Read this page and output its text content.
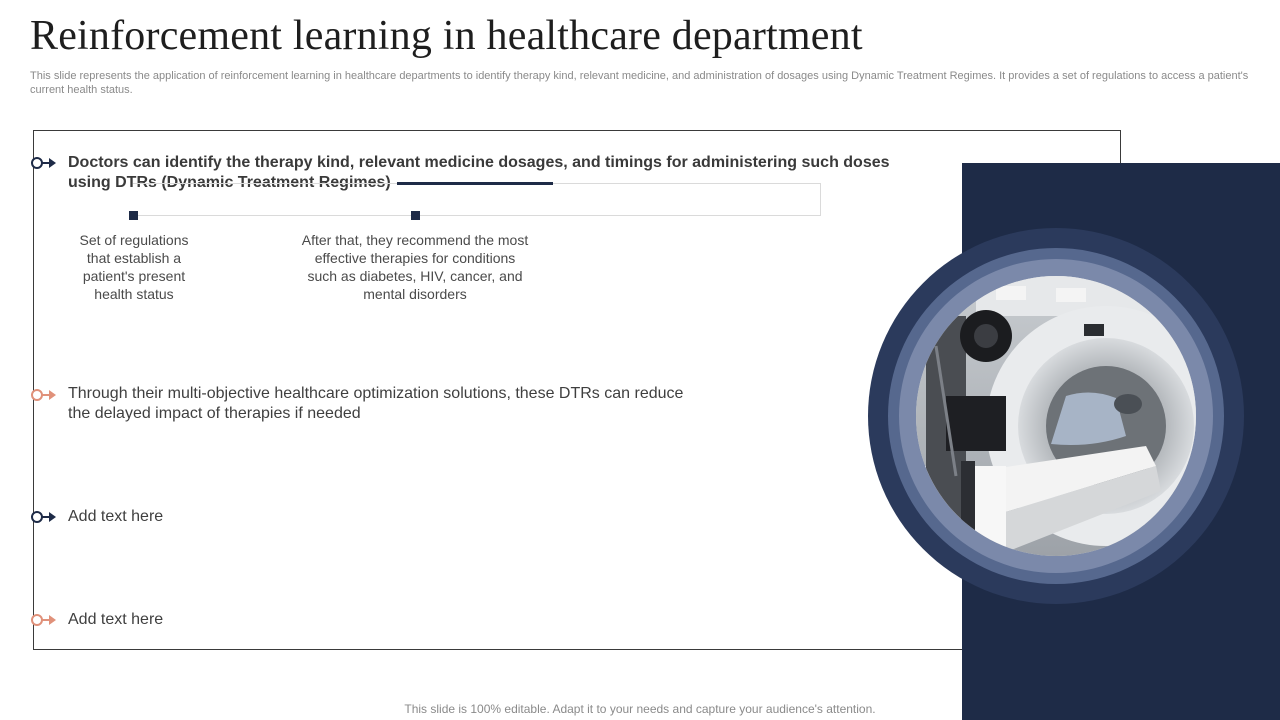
Reinforcement learning in healthcare department

This slide represents the application of reinforcement learning in healthcare departments to identify therapy kind, relevant medicine, and administration of dosages using Dynamic Treatment Regimes. It provides a set of regulations to access a patient's current health status.

Doctors can identify the therapy kind, relevant medicine dosages, and timings for administering such doses using DTRs (Dynamic Treatment Regimes)
Set of regulations that establish a patient's present health status
After that, they recommend the most effective therapies for conditions such as diabetes, HIV, cancer, and mental disorders
Through their multi-objective healthcare optimization solutions, these DTRs can reduce the delayed impact of therapies if needed
Add text here
Add text here
This slide is 100% editable. Adapt it to your needs and capture your audience's attention.
